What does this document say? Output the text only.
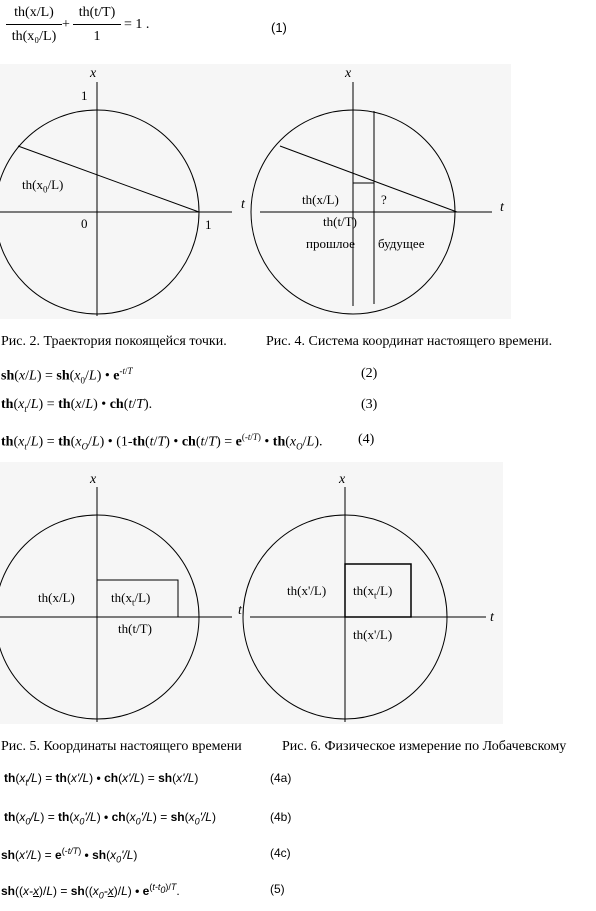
th(x/L)
th(x₀/L)
+
th(t/T)
1
= 1 .	(1)
x
t
1
1
0
$th(x_0/L)$
x
t
th(x/L)	?
th(t/T)
прошлое будущее
Рис. 2. Траектория покоящейся точки.	Рис. 4. Система координат настоящего времени.
$sh(x/L) = sh(x_0/L)$ • $e^{-t/T}$	(2)
$th(x_t/L) = th(x/L)$ • ch(t/T).	(3)
$th(x_t/L) = th(x_O/L)$ • (1-th(t/T) • $ch(t/T) = e^{(-t/T)}$ • $th(x_O/L)$.	(4)
x
t
th(x/L)	$th(x_t/L)$
th(t/T)
x
t
th(x'/L) $th(x_t/L)$
th(x'/L)
Рис. 5. Координаты настоящего времени	Рис. 6. Физическое измерение по Лобачевскому
$th(x_t/L) = th(x'/L)$ • ch(x'/L) = sh(x'/L)	(4a)
$th(x_0/L) = th(x_0'/L)$ • $ch(x_0'/L) = sh(x_0'/L)$	(4b)
$sh(x'/L) = e^{(-t/T)}$ • $sh(x_0'/L)$	(4c)
$sh((x-x)/L) = sh((x_0-x)/L)$ • $e^{(t-t_0)/T}$.	(5)
